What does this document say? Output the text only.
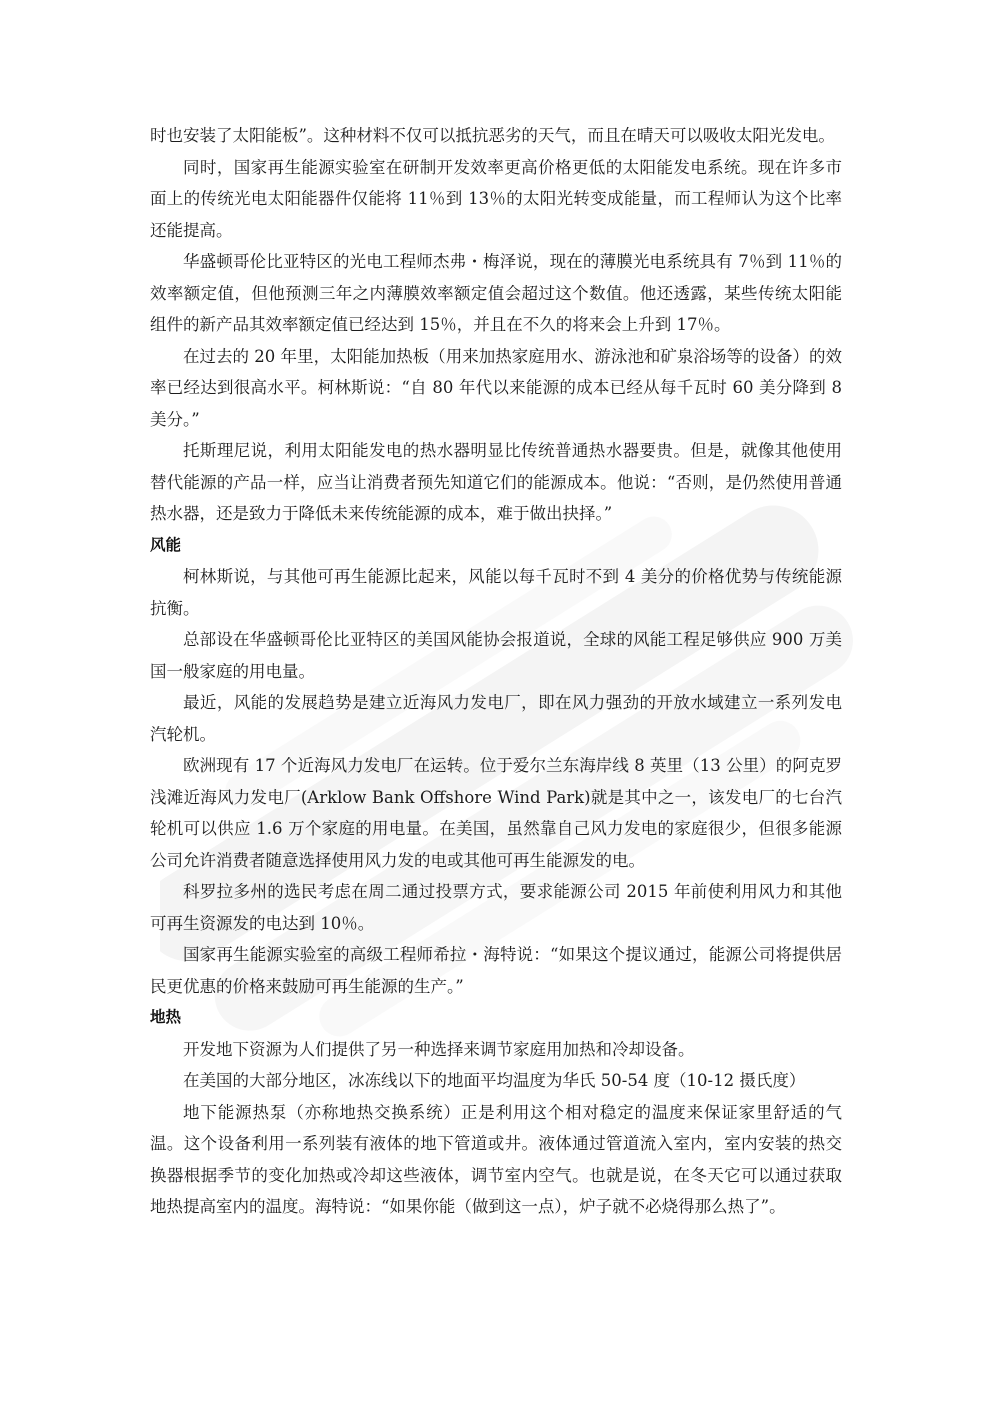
时也安装了太阳能板”。这种材料不仅可以抵抗恶劣的天气，而且在晴天可以吸收太阳光发电。

同时，国家再生能源实验室在研制开发效率更高价格更低的太阳能发电系统。现在许多市面上的传统光电太阳能器件仅能将 11％到 13％的太阳光转变成能量，而工程师认为这个比率还能提高。

华盛顿哥伦比亚特区的光电工程师杰弗・梅泽说，现在的薄膜光电系统具有 7％到 11％的效率额定值，但他预测三年之内薄膜效率额定值会超过这个数值。他还透露，某些传统太阳能组件的新产品其效率额定值已经达到 15％，并且在不久的将来会上升到 17％。

在过去的 20 年里，太阳能加热板（用来加热家庭用水、游泳池和矿泉浴场等的设备）的效率已经达到很高水平。柯林斯说：“自 80 年代以来能源的成本已经从每千瓦时 60 美分降到 8 美分。”

托斯理尼说，利用太阳能发电的热水器明显比传统普通热水器要贵。但是，就像其他使用替代能源的产品一样，应当让消费者预先知道它们的能源成本。他说：“否则，是仍然使用普通热水器，还是致力于降低未来传统能源的成本，难于做出抉择。”

风能

柯林斯说，与其他可再生能源比起来，风能以每千瓦时不到 4 美分的价格优势与传统能源抗衡。

总部设在华盛顿哥伦比亚特区的美国风能协会报道说，全球的风能工程足够供应 900 万美国一般家庭的用电量。

最近，风能的发展趋势是建立近海风力发电厂，即在风力强劲的开放水域建立一系列发电汽轮机。

欧洲现有 17 个近海风力发电厂在运转。位于爱尔兰东海岸线 8 英里（13 公里）的阿克罗浅滩近海风力发电厂(Arklow Bank Offshore Wind Park)就是其中之一，该发电厂的七台汽轮机可以供应 1.6 万个家庭的用电量。在美国，虽然靠自己风力发电的家庭很少，但很多能源公司允许消费者随意选择使用风力发的电或其他可再生能源发的电。

科罗拉多州的选民考虑在周二通过投票方式，要求能源公司 2015 年前使利用风力和其他可再生资源发的电达到 10％。

国家再生能源实验室的高级工程师希拉・海特说：“如果这个提议通过，能源公司将提供居民更优惠的价格来鼓励可再生能源的生产。”

地热

开发地下资源为人们提供了另一种选择来调节家庭用加热和冷却设备。

在美国的大部分地区，冰冻线以下的地面平均温度为华氏 50-54 度（10-12 摄氏度）

地下能源热泵（亦称地热交换系统）正是利用这个相对稳定的温度来保证家里舒适的气温。这个设备利用一系列装有液体的地下管道或井。液体通过管道流入室内，室内安装的热交换器根据季节的变化加热或冷却这些液体，调节室内空气。也就是说，在冬天它可以通过获取地热提高室内的温度。海特说：“如果你能（做到这一点），炉子就不必烧得那么热了”。
